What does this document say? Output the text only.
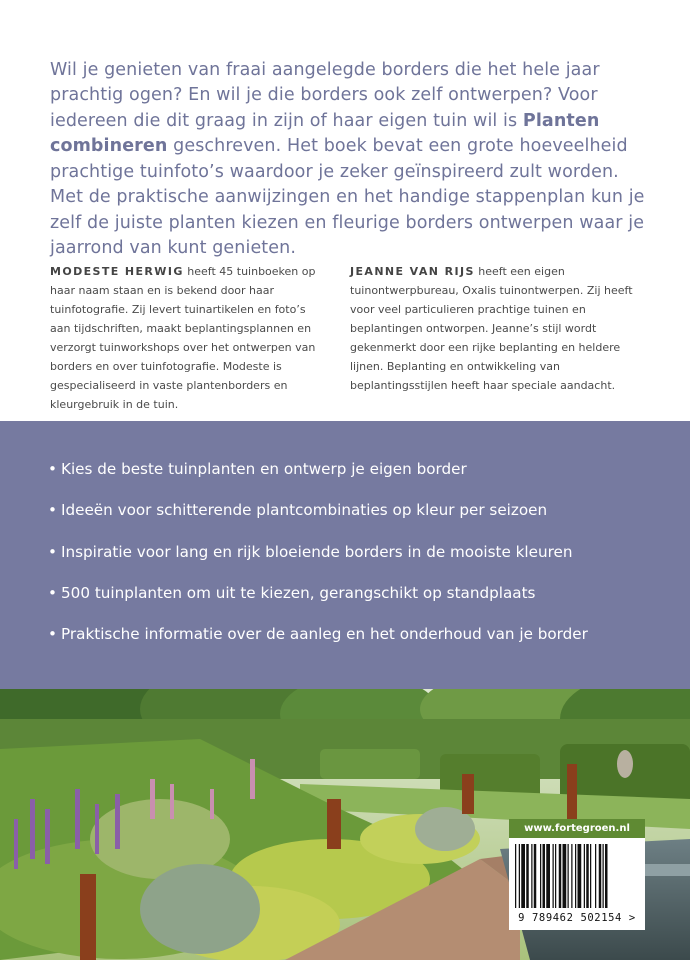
Wil je genieten van fraai aangelegde borders die het hele jaar prachtig ogen? En wil je die borders ook zelf ontwerpen? Voor iedereen die dit graag in zijn of haar eigen tuin wil is Planten combineren geschreven. Het boek bevat een grote hoeveelheid prachtige tuinfoto’s waardoor je zeker geïnspireerd zult worden. Met de praktische aanwijzingen en het handige stappenplan kun je zelf de juiste planten kiezen en fleurige borders ontwerpen waar je jaarrond van kunt genieten.

MODESTE HERWIG heeft 45 tuinboeken op haar naam staan en is bekend door haar tuinfotografie. Zij levert tuinartikelen en foto’s aan tijdschriften, maakt beplantingsplannen en verzorgt tuinworkshops over het ontwerpen van borders en over tuinfotografie. Modeste is gespecialiseerd in vaste plantenborders en kleurgebruik in de tuin.
JEANNE VAN RIJS heeft een eigen tuinontwerpbureau, Oxalis tuinontwerpen. Zij heeft voor veel particulieren prachtige tuinen en beplantingen ontworpen. Jeanne’s stijl wordt gekenmerkt door een rijke beplanting en heldere lijnen. Beplanting en ontwikkeling van beplantingsstijlen heeft haar speciale aandacht.
• Kies de beste tuinplanten en ontwerp je eigen border
• Ideeën voor schitterende plantcombinaties op kleur per seizoen
• Inspiratie voor lang en rijk bloeiende borders in de mooiste kleuren
• 500 tuinplanten om uit te kiezen, gerangschikt op standplaats
• Praktische informatie over de aanleg en het onderhoud van je border
www.fortegroen.nl
9 789462 502154 >
